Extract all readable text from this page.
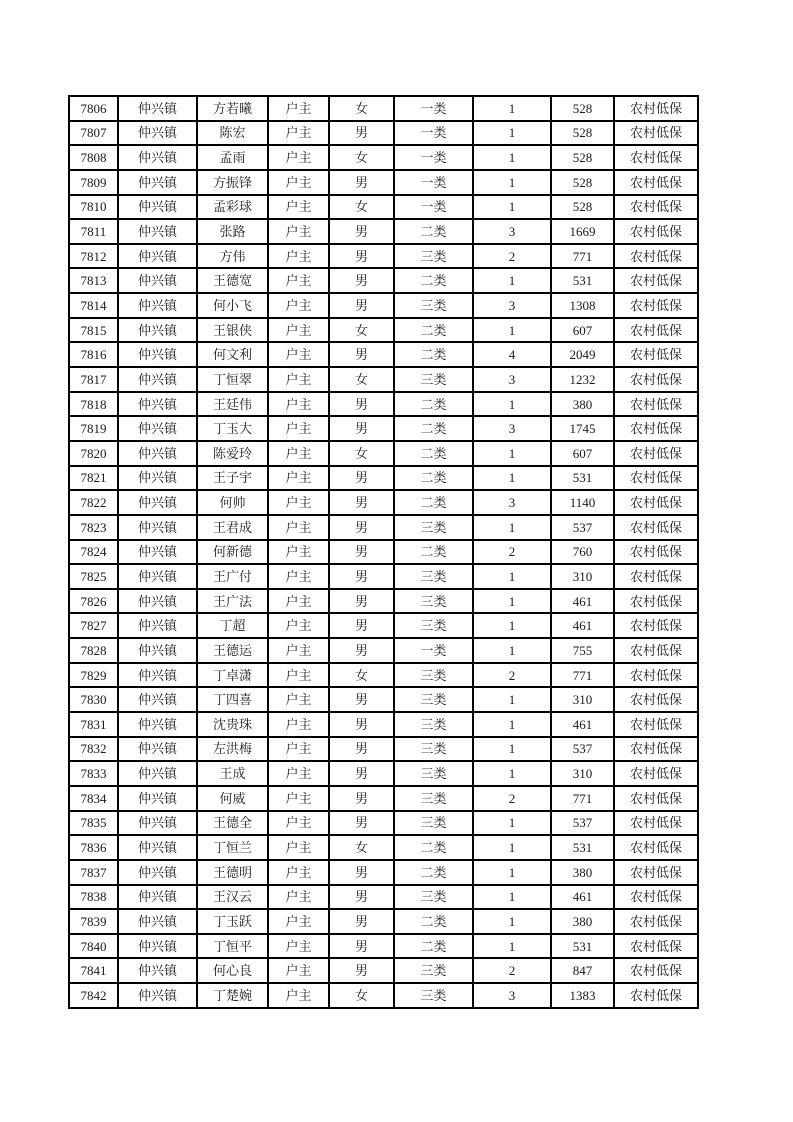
7806	仲兴镇	方若曦	户主	女	一类	1	528	农村低保
7807	仲兴镇	陈宏	户主	男	一类	1	528	农村低保
7808	仲兴镇	孟雨	户主	女	一类	1	528	农村低保
7809	仲兴镇	方振锋	户主	男	一类	1	528	农村低保
7810	仲兴镇	孟彩球	户主	女	一类	1	528	农村低保
7811	仲兴镇	张路	户主	男	二类	3	1669	农村低保
7812	仲兴镇	方伟	户主	男	三类	2	771	农村低保
7813	仲兴镇	王德宽	户主	男	二类	1	531	农村低保
7814	仲兴镇	何小飞	户主	男	三类	3	1308	农村低保
7815	仲兴镇	王银侠	户主	女	二类	1	607	农村低保
7816	仲兴镇	何文利	户主	男	二类	4	2049	农村低保
7817	仲兴镇	丁恒翠	户主	女	三类	3	1232	农村低保
7818	仲兴镇	王廷伟	户主	男	二类	1	380	农村低保
7819	仲兴镇	丁玉大	户主	男	二类	3	1745	农村低保
7820	仲兴镇	陈爱玲	户主	女	二类	1	607	农村低保
7821	仲兴镇	王子宇	户主	男	二类	1	531	农村低保
7822	仲兴镇	何帅	户主	男	二类	3	1140	农村低保
7823	仲兴镇	王君成	户主	男	三类	1	537	农村低保
7824	仲兴镇	何新德	户主	男	二类	2	760	农村低保
7825	仲兴镇	王广付	户主	男	三类	1	310	农村低保
7826	仲兴镇	王广法	户主	男	三类	1	461	农村低保
7827	仲兴镇	丁超	户主	男	三类	1	461	农村低保
7828	仲兴镇	王德运	户主	男	一类	1	755	农村低保
7829	仲兴镇	丁卓潇	户主	女	三类	2	771	农村低保
7830	仲兴镇	丁四喜	户主	男	三类	1	310	农村低保
7831	仲兴镇	沈贵珠	户主	男	三类	1	461	农村低保
7832	仲兴镇	左洪梅	户主	男	三类	1	537	农村低保
7833	仲兴镇	王成	户主	男	三类	1	310	农村低保
7834	仲兴镇	何威	户主	男	三类	2	771	农村低保
7835	仲兴镇	王德全	户主	男	三类	1	537	农村低保
7836	仲兴镇	丁恒兰	户主	女	二类	1	531	农村低保
7837	仲兴镇	王德明	户主	男	二类	1	380	农村低保
7838	仲兴镇	王汉云	户主	男	三类	1	461	农村低保
7839	仲兴镇	丁玉跃	户主	男	二类	1	380	农村低保
7840	仲兴镇	丁恒平	户主	男	二类	1	531	农村低保
7841	仲兴镇	何心良	户主	男	三类	2	847	农村低保
7842	仲兴镇	丁楚婉	户主	女	三类	3	1383	农村低保
